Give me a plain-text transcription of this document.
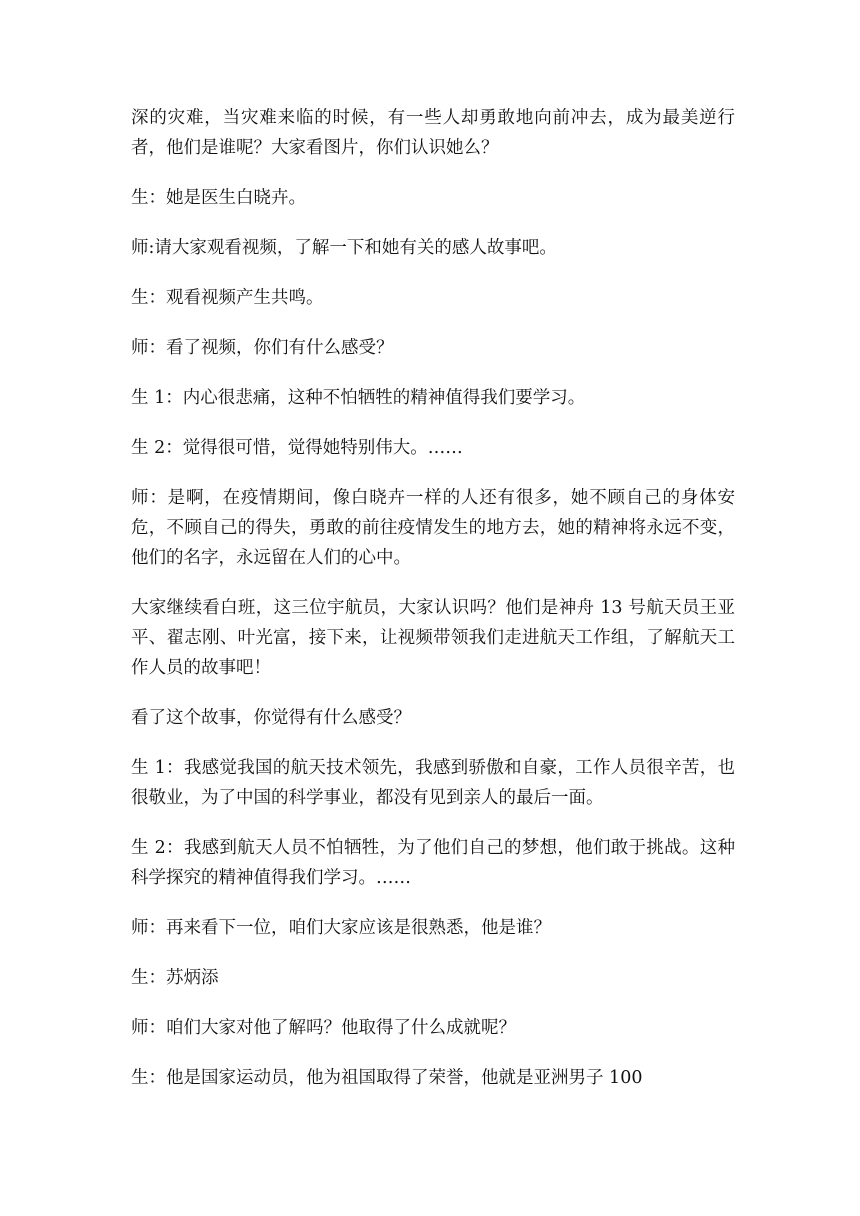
深的灾难，当灾难来临的时候，有一些人却勇敢地向前冲去，成为最美逆行者，他们是谁呢？大家看图片，你们认识她么？

生：她是医生白晓卉。

师:请大家观看视频，了解一下和她有关的感人故事吧。

生：观看视频产生共鸣。

师：看了视频，你们有什么感受？

生 1：内心很悲痛，这种不怕牺牲的精神值得我们要学习。

生 2：觉得很可惜，觉得她特别伟大。……

师：是啊，在疫情期间，像白晓卉一样的人还有很多，她不顾自己的身体安危，不顾自己的得失，勇敢的前往疫情发生的地方去，她的精神将永远不变，他们的名字，永远留在人们的心中。

大家继续看白班，这三位宇航员，大家认识吗？他们是神舟 13 号航天员王亚平、翟志刚、叶光富，接下来，让视频带领我们走进航天工作组，了解航天工作人员的故事吧！

看了这个故事，你觉得有什么感受？

生 1：我感觉我国的航天技术领先，我感到骄傲和自豪，工作人员很辛苦，也很敬业，为了中国的科学事业，都没有见到亲人的最后一面。

生 2：我感到航天人员不怕牺牲，为了他们自己的梦想，他们敢于挑战。这种科学探究的精神值得我们学习。……

师：再来看下一位，咱们大家应该是很熟悉，他是谁？

生：苏炳添

师：咱们大家对他了解吗？他取得了什么成就呢？

生：他是国家运动员，他为祖国取得了荣誉，他就是亚洲男子 100
